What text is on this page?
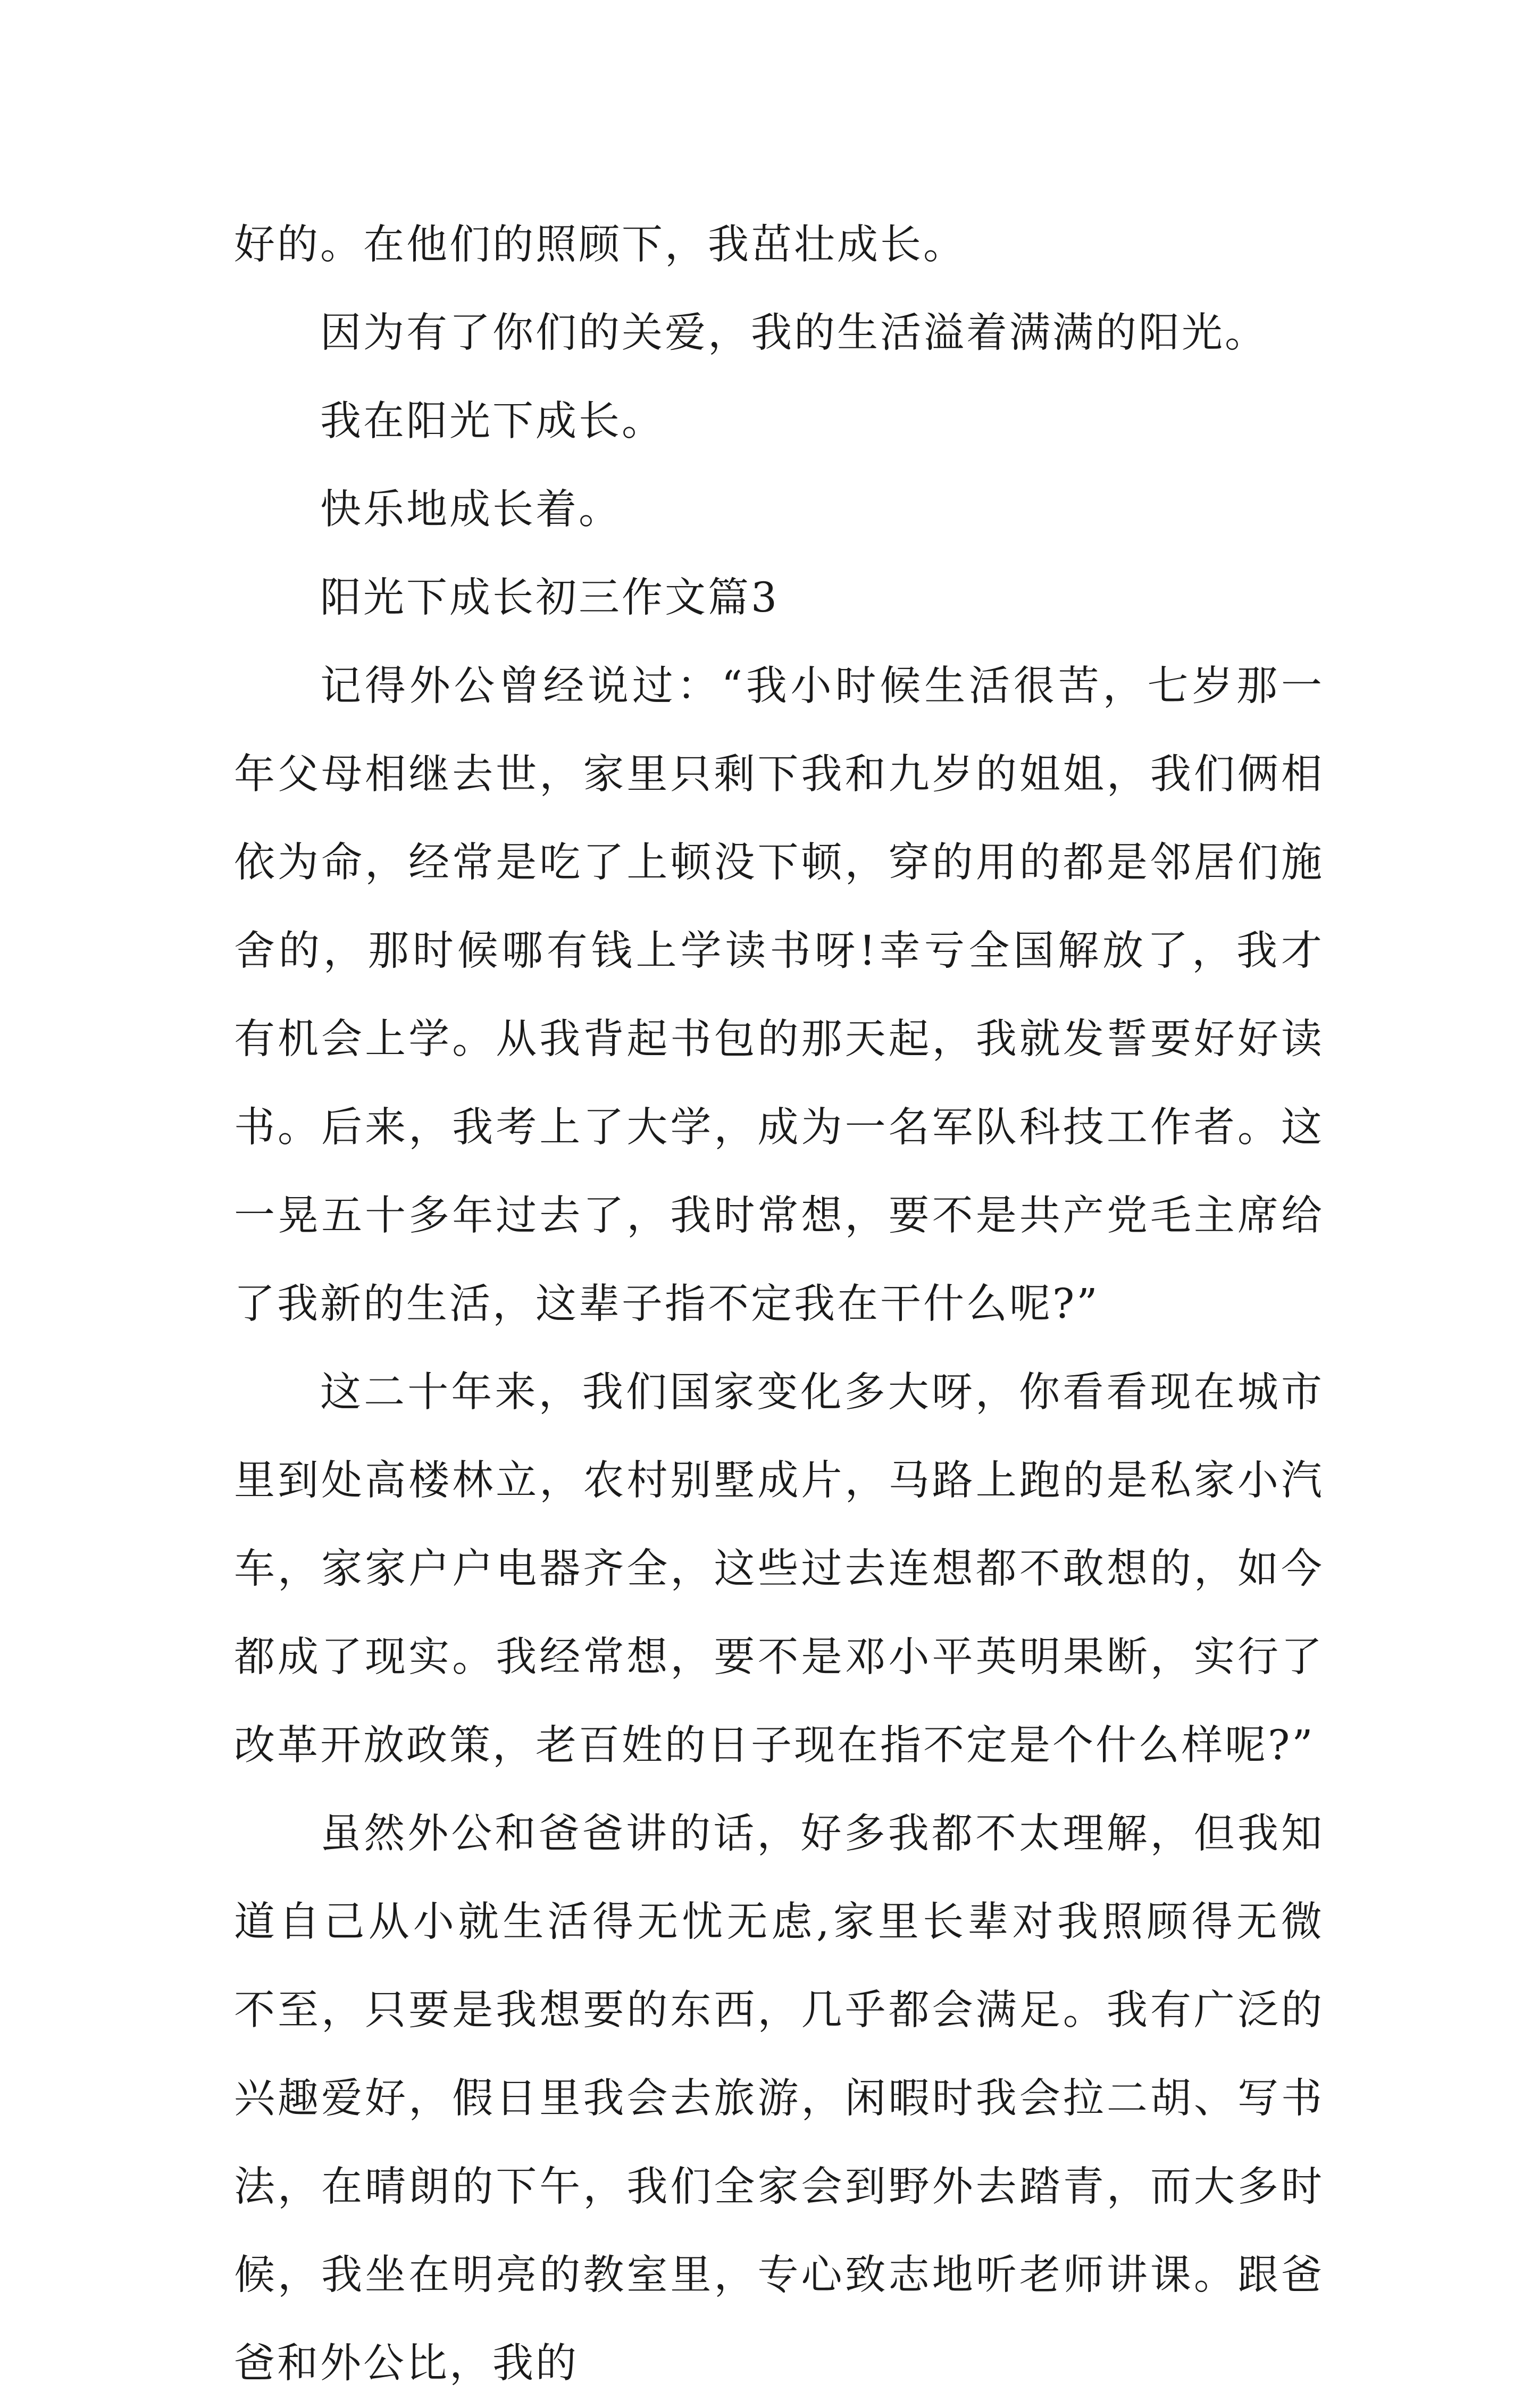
好的。在他们的照顾下，我茁壮成长。

因为有了你们的关爱，我的生活溢着满满的阳光。

我在阳光下成长。

快乐地成长着。

阳光下成长初三作文篇3

记得外公曾经说过：“我小时候生活很苦，七岁那一年父母相继去世，家里只剩下我和九岁的姐姐，我们俩相依为命，经常是吃了上顿没下顿，穿的用的都是邻居们施舍的，那时候哪有钱上学读书呀!幸亏全国解放了，我才有机会上学。从我背起书包的那天起，我就发誓要好好读书。后来，我考上了大学，成为一名军队科技工作者。这一晃五十多年过去了，我时常想，要不是共产党毛主席给了我新的生活，这辈子指不定我在干什么呢?”

这二十年来，我们国家变化多大呀，你看看现在城市里到处高楼林立，农村别墅成片，马路上跑的是私家小汽车，家家户户电器齐全，这些过去连想都不敢想的，如今都成了现实。我经常想，要不是邓小平英明果断，实行了改革开放政策，老百姓的日子现在指不定是个什么样呢?”

虽然外公和爸爸讲的话，好多我都不太理解，但我知道自己从小就生活得无忧无虑,家里长辈对我照顾得无微不至，只要是我想要的东西，几乎都会满足。我有广泛的兴趣爱好，假日里我会去旅游，闲暇时我会拉二胡、写书法，在晴朗的下午，我们全家会到野外去踏青，而大多时候，我坐在明亮的教室里，专心致志地听老师讲课。跟爸爸和外公比，我的
